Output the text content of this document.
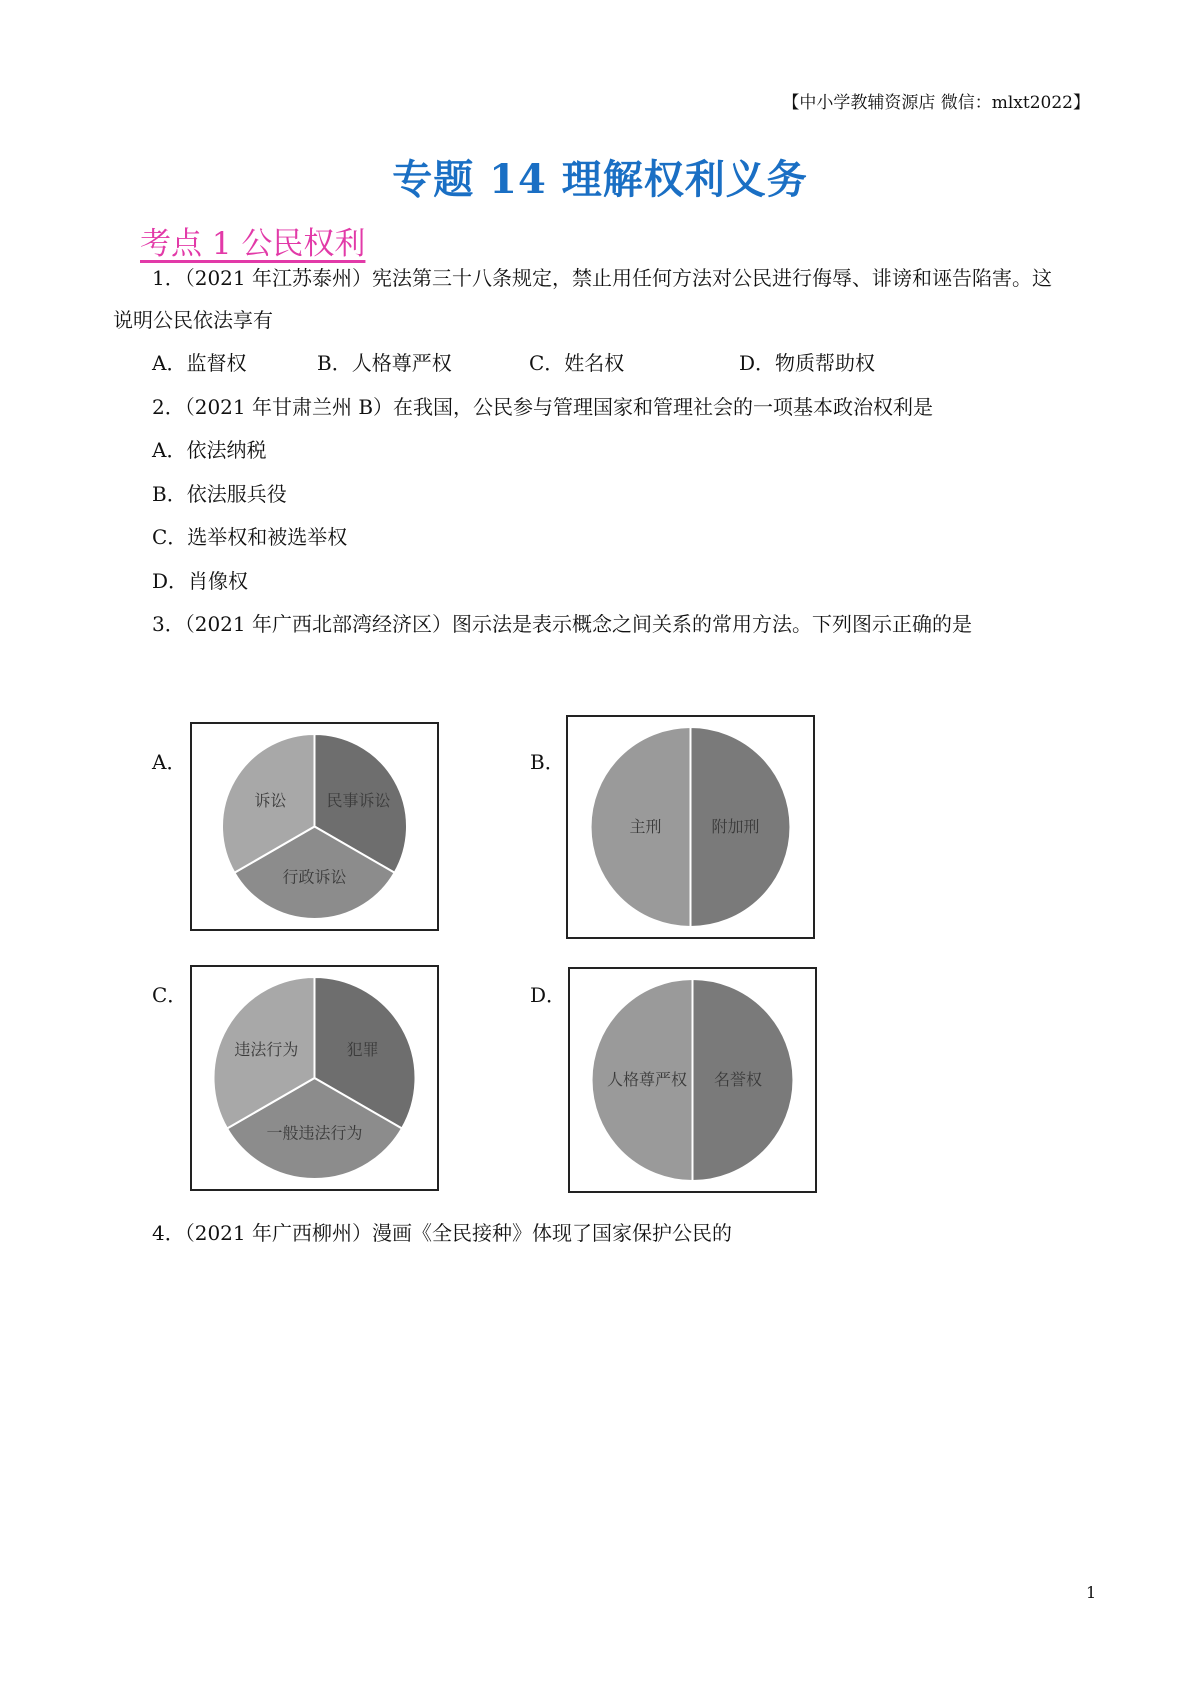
【中小学教辅资源店 微信：mlxt2022】
专题 14 理解权利义务
考点 1 公民权利
1．（2021 年江苏泰州）宪法第三十八条规定，禁止用任何方法对公民进行侮辱、诽谤和诬告陷害。这
说明公民依法享有
A．监督权	B．人格尊严权	C．姓名权	D．物质帮助权
2．（2021 年甘肃兰州 B）在我国，公民参与管理国家和管理社会的一项基本政治权利是
A．依法纳税
B．依法服兵役
C．选举权和被选举权
D．肖像权
3．（2021 年广西北部湾经济区）图示法是表示概念之间关系的常用方法。下列图示正确的是
A．	B．
C．	D．
民事诉讼
行政诉讼
诉讼
附加刑
主刑
犯罪
一般违法行为
违法行为
名誉权
人格尊严权
4．（2021 年广西柳州）漫画《全民接种》体现了国家保护公民的
1
